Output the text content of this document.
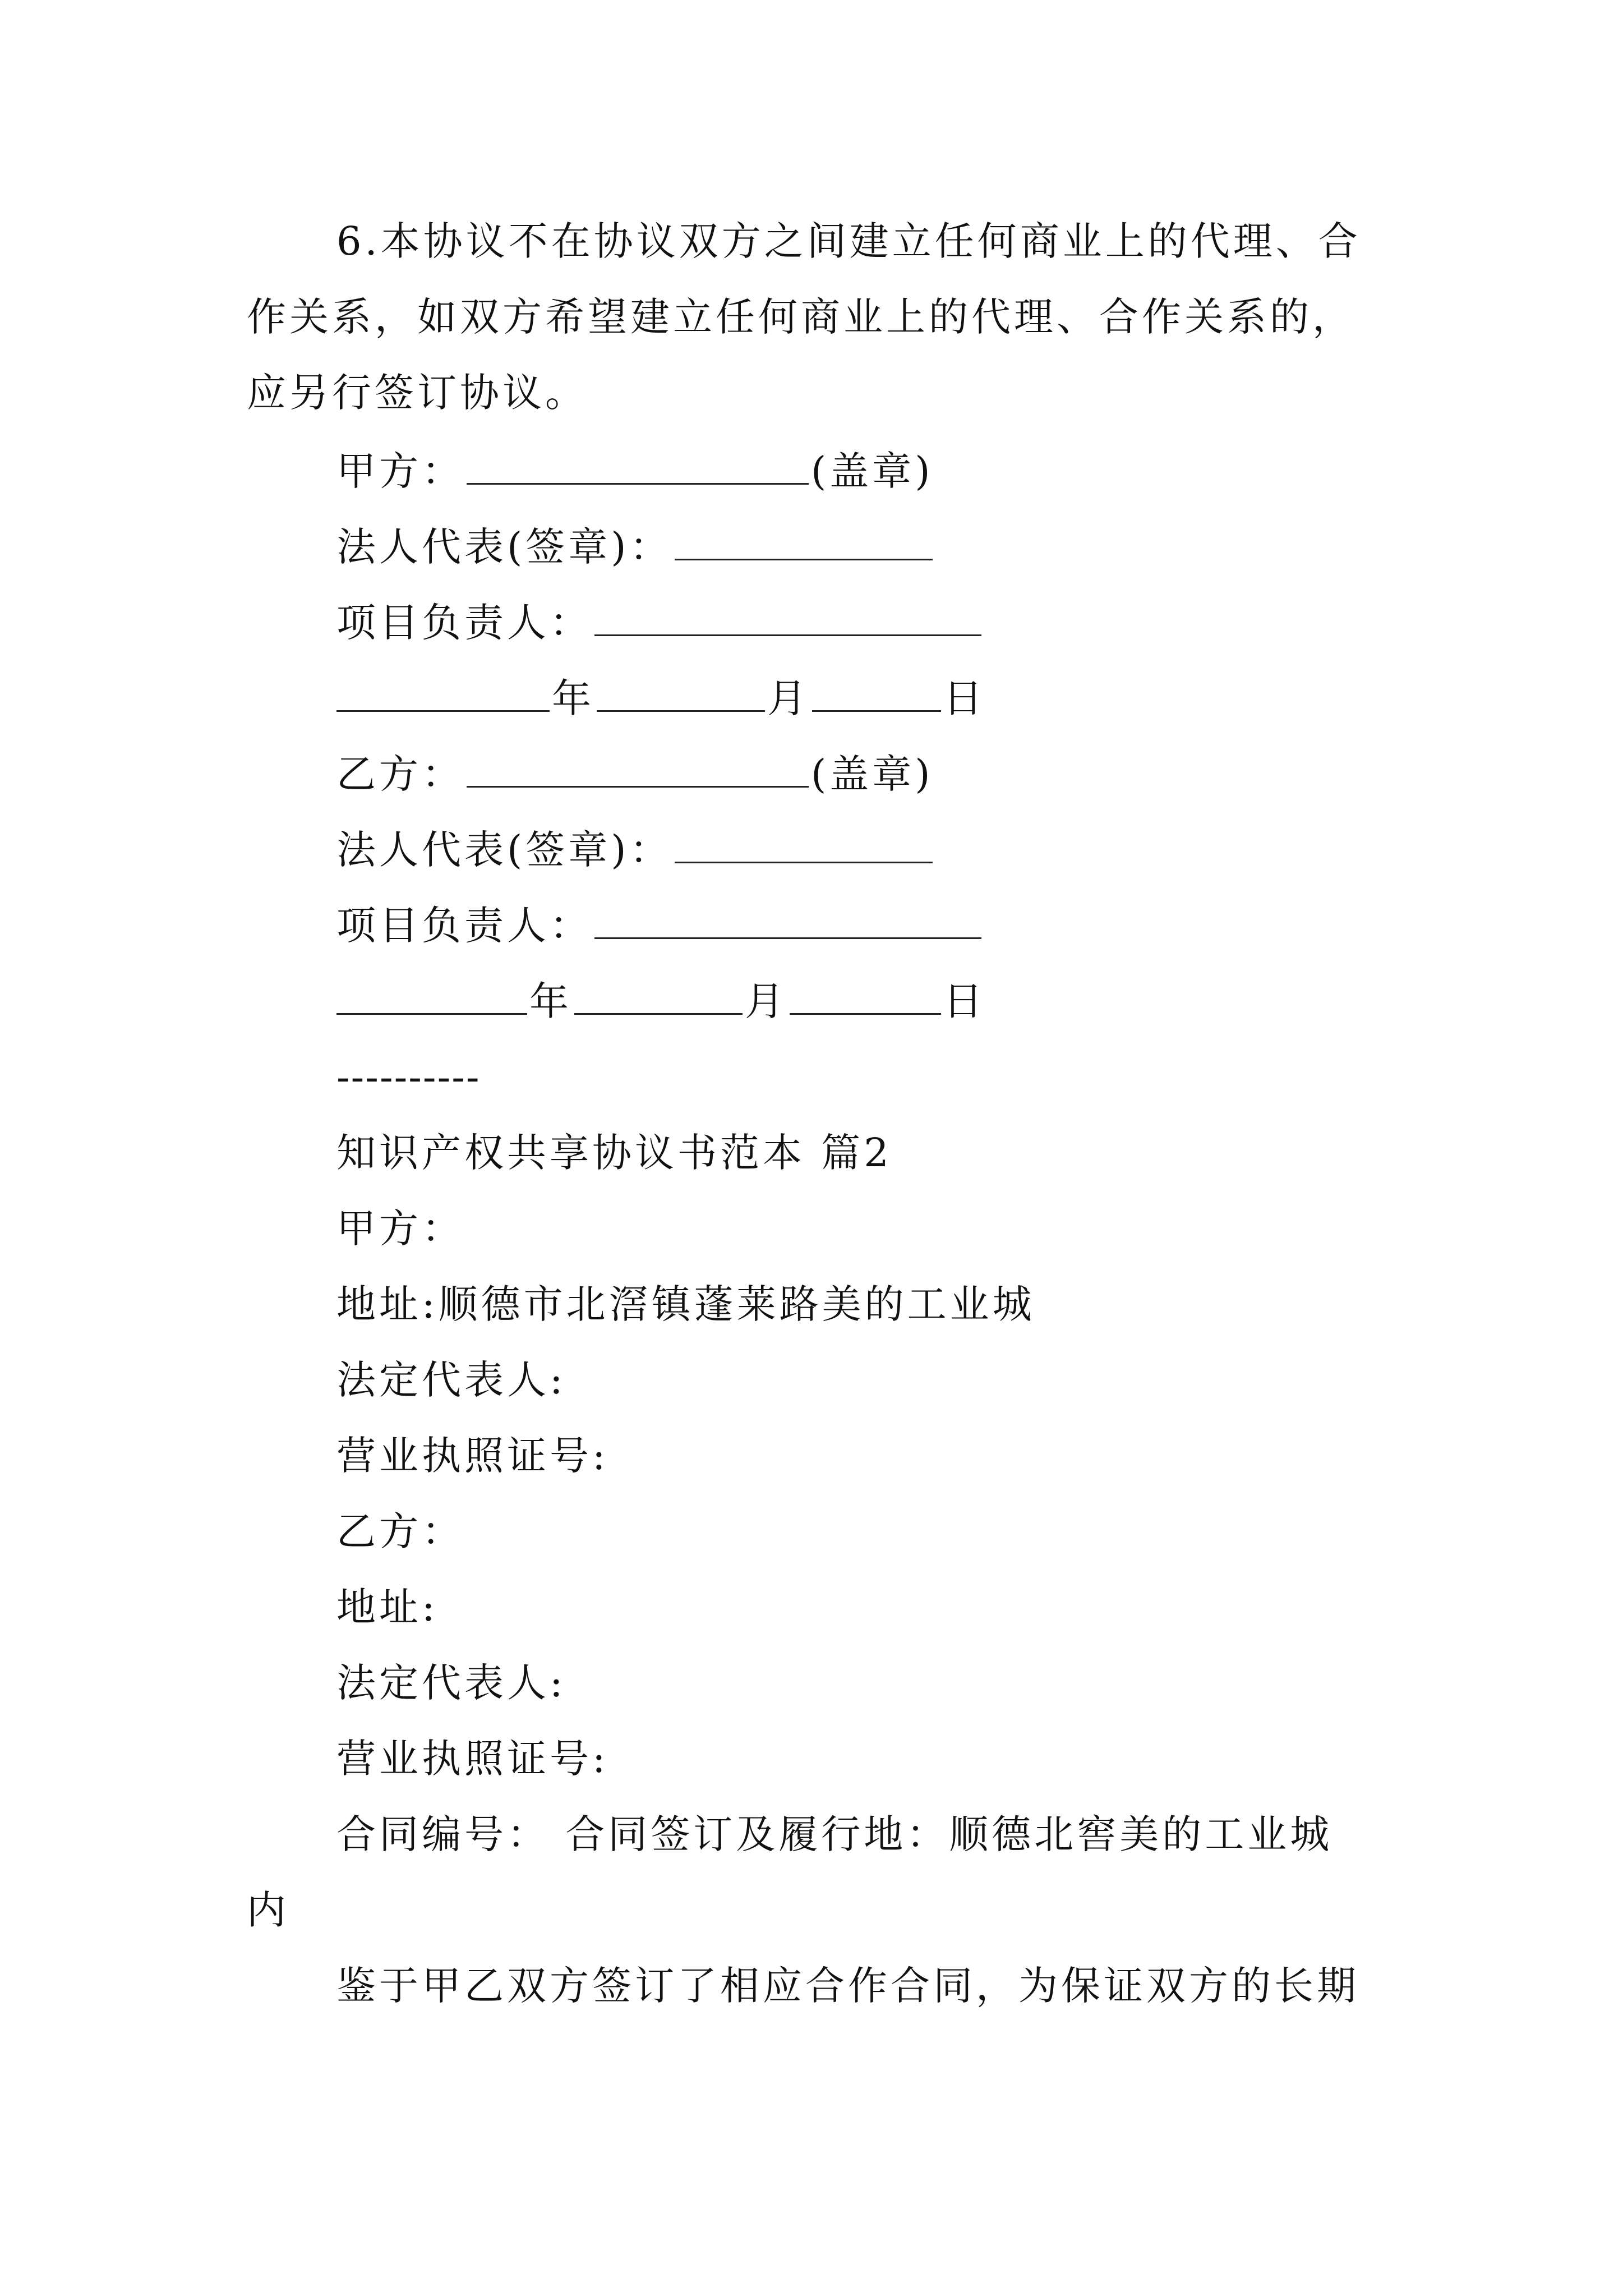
6.本协议不在协议双方之间建立任何商业上的代理、合
作关系，如双方希望建立任何商业上的代理、合作关系的，
应另行签订协议。
甲方：	(盖章)
法人代表(签章)：
项目负责人：
年	月	日
乙方：	(盖章)
法人代表(签章)：
项目负责人：
年	月	日
----------
知识产权共享协议书范本 篇2
甲方：
地址:顺德市北滘镇蓬莱路美的工业城
法定代表人:
营业执照证号:
乙方：
地址:
法定代表人:
营业执照证号:
合同编号： 合同签订及履行地：顺德北窖美的工业城
内
鉴于甲乙双方签订了相应合作合同，为保证双方的长期
